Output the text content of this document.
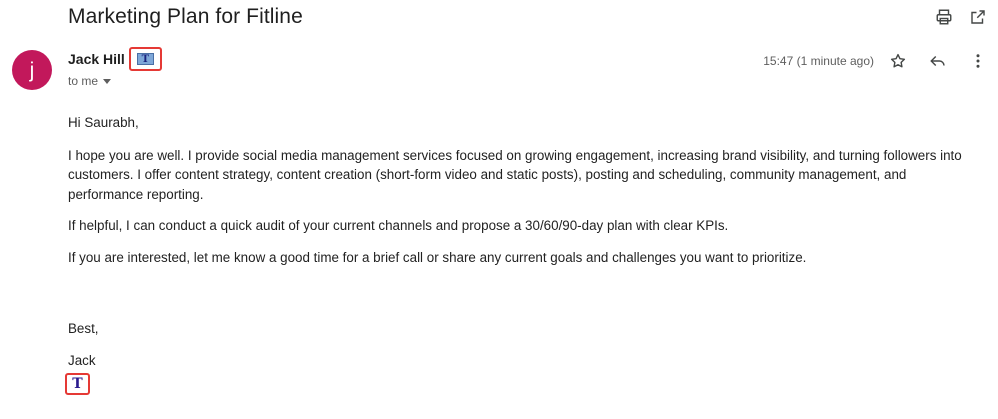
Marketing Plan for Fitline
j Jack Hill T
to me
15:47 (1 minute ago)

Hi Saurabh,

I hope you are well. I provide social media management services focused on growing engagement, increasing brand visibility, and turning followers into customers. I offer content strategy, content creation (short-form video and static posts), posting and scheduling, community management, and performance reporting.

If helpful, I can conduct a quick audit of your current channels and propose a 30/60/90-day plan with clear KPIs.

If you are interested, let me know a good time for a brief call or share any current goals and challenges you want to prioritize.

Best,

Jack

T
